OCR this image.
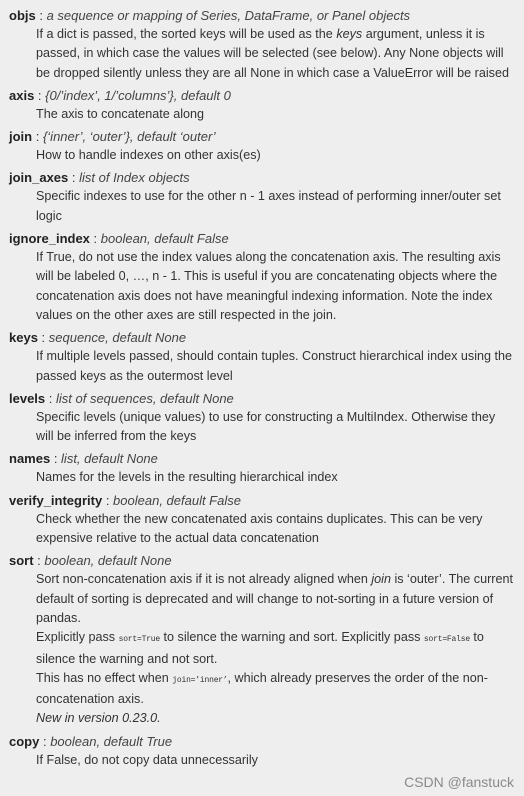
objs : a sequence or mapping of Series, DataFrame, or Panel objects

If a dict is passed, the sorted keys will be used as the keys argument, unless it is passed, in which case the values will be selected (see below). Any None objects will be dropped silently unless they are all None in which case a ValueError will be raised

axis : {0/’index’, 1/’columns’}, default 0

The axis to concatenate along

join : {‘inner’, ‘outer’}, default ‘outer’

How to handle indexes on other axis(es)

join_axes : list of Index objects

Specific indexes to use for the other n - 1 axes instead of performing inner/outer set logic

ignore_index : boolean, default False

If True, do not use the index values along the concatenation axis. The resulting axis will be labeled 0, …, n - 1. This is useful if you are concatenating objects where the concatenation axis does not have meaningful indexing information. Note the index values on the other axes are still respected in the join.

keys : sequence, default None

If multiple levels passed, should contain tuples. Construct hierarchical index using the passed keys as the outermost level

levels : list of sequences, default None

Specific levels (unique values) to use for constructing a MultiIndex. Otherwise they will be inferred from the keys

names : list, default None

Names for the levels in the resulting hierarchical index

verify_integrity : boolean, default False

Check whether the new concatenated axis contains duplicates. This can be very expensive relative to the actual data concatenation

sort : boolean, default None

Sort non-concatenation axis if it is not already aligned when join is ‘outer’. The current default of sorting is deprecated and will change to not-sorting in a future version of pandas.

Explicitly pass sort=True to silence the warning and sort. Explicitly pass sort=False to silence the warning and not sort.

This has no effect when join=’inner’, which already preserves the order of the non-concatenation axis.

New in version 0.23.0.

copy : boolean, default True

If False, do not copy data unnecessarily

CSDN @fanstuck
